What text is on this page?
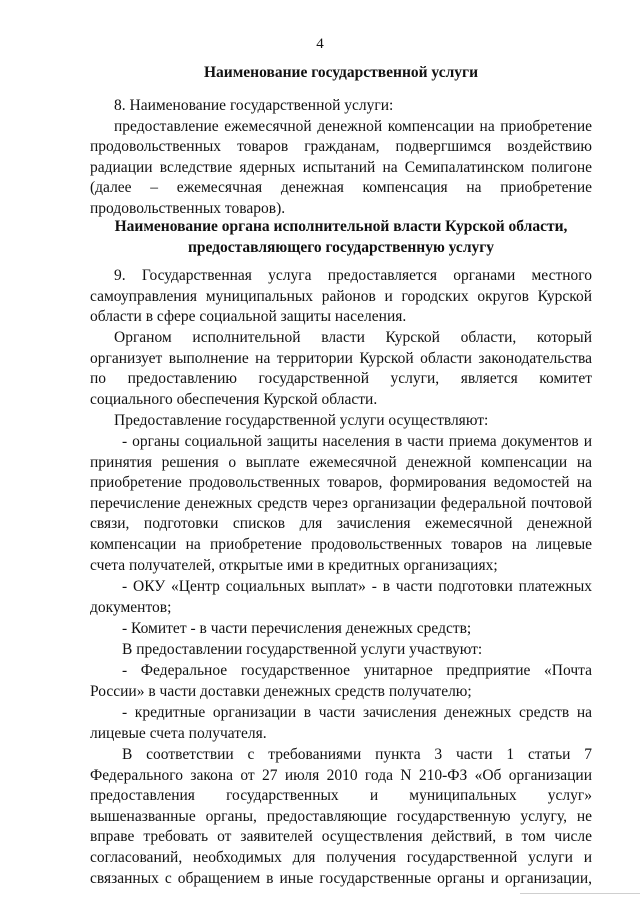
4
Наименование государственной услуги
8. Наименование государственной услуги:
предоставление ежемесячной денежной компенсации на приобретение
продовольственных товаров гражданам, подвергшимся воздействию
радиации вследствие ядерных испытаний на Семипалатинском полигоне
(далее – ежемесячная денежная компенсация на приобретение
продовольственных товаров).
Наименование органа исполнительной власти Курской области,
предоставляющего государственную услугу
9. Государственная услуга предоставляется органами местного
самоуправления муниципальных районов и городских округов Курской
области в сфере социальной защиты населения.
Органом исполнительной власти Курской области, который
организует выполнение на территории Курской области законодательства
по предоставлению государственной услуги, является комитет
социального обеспечения Курской области.
Предоставление государственной услуги осуществляют:
- органы социальной защиты населения в части приема документов и
принятия решения о выплате ежемесячной денежной компенсации на
приобретение продовольственных товаров, формирования ведомостей на
перечисление денежных средств через организации федеральной почтовой
связи, подготовки списков для зачисления ежемесячной денежной
компенсации на приобретение продовольственных товаров на лицевые
счета получателей, открытые ими в кредитных организациях;
- ОКУ «Центр социальных выплат» - в части подготовки платежных
документов;
- Комитет - в части перечисления денежных средств;
В предоставлении государственной услуги участвуют:
- Федеральное государственное унитарное предприятие «Почта
России» в части доставки денежных средств получателю;
- кредитные организации в части зачисления денежных средств на
лицевые счета получателя.
В соответствии с требованиями пункта 3 части 1 статьи 7
Федерального закона от 27 июля 2010 года N 210-ФЗ «Об организации
предоставления государственных и муниципальных услуг»
вышеназванные органы, предоставляющие государственную услугу, не
вправе требовать от заявителей осуществления действий, в том числе
согласований, необходимых для получения государственной услуги и
связанных с обращением в иные государственные органы и организации,
